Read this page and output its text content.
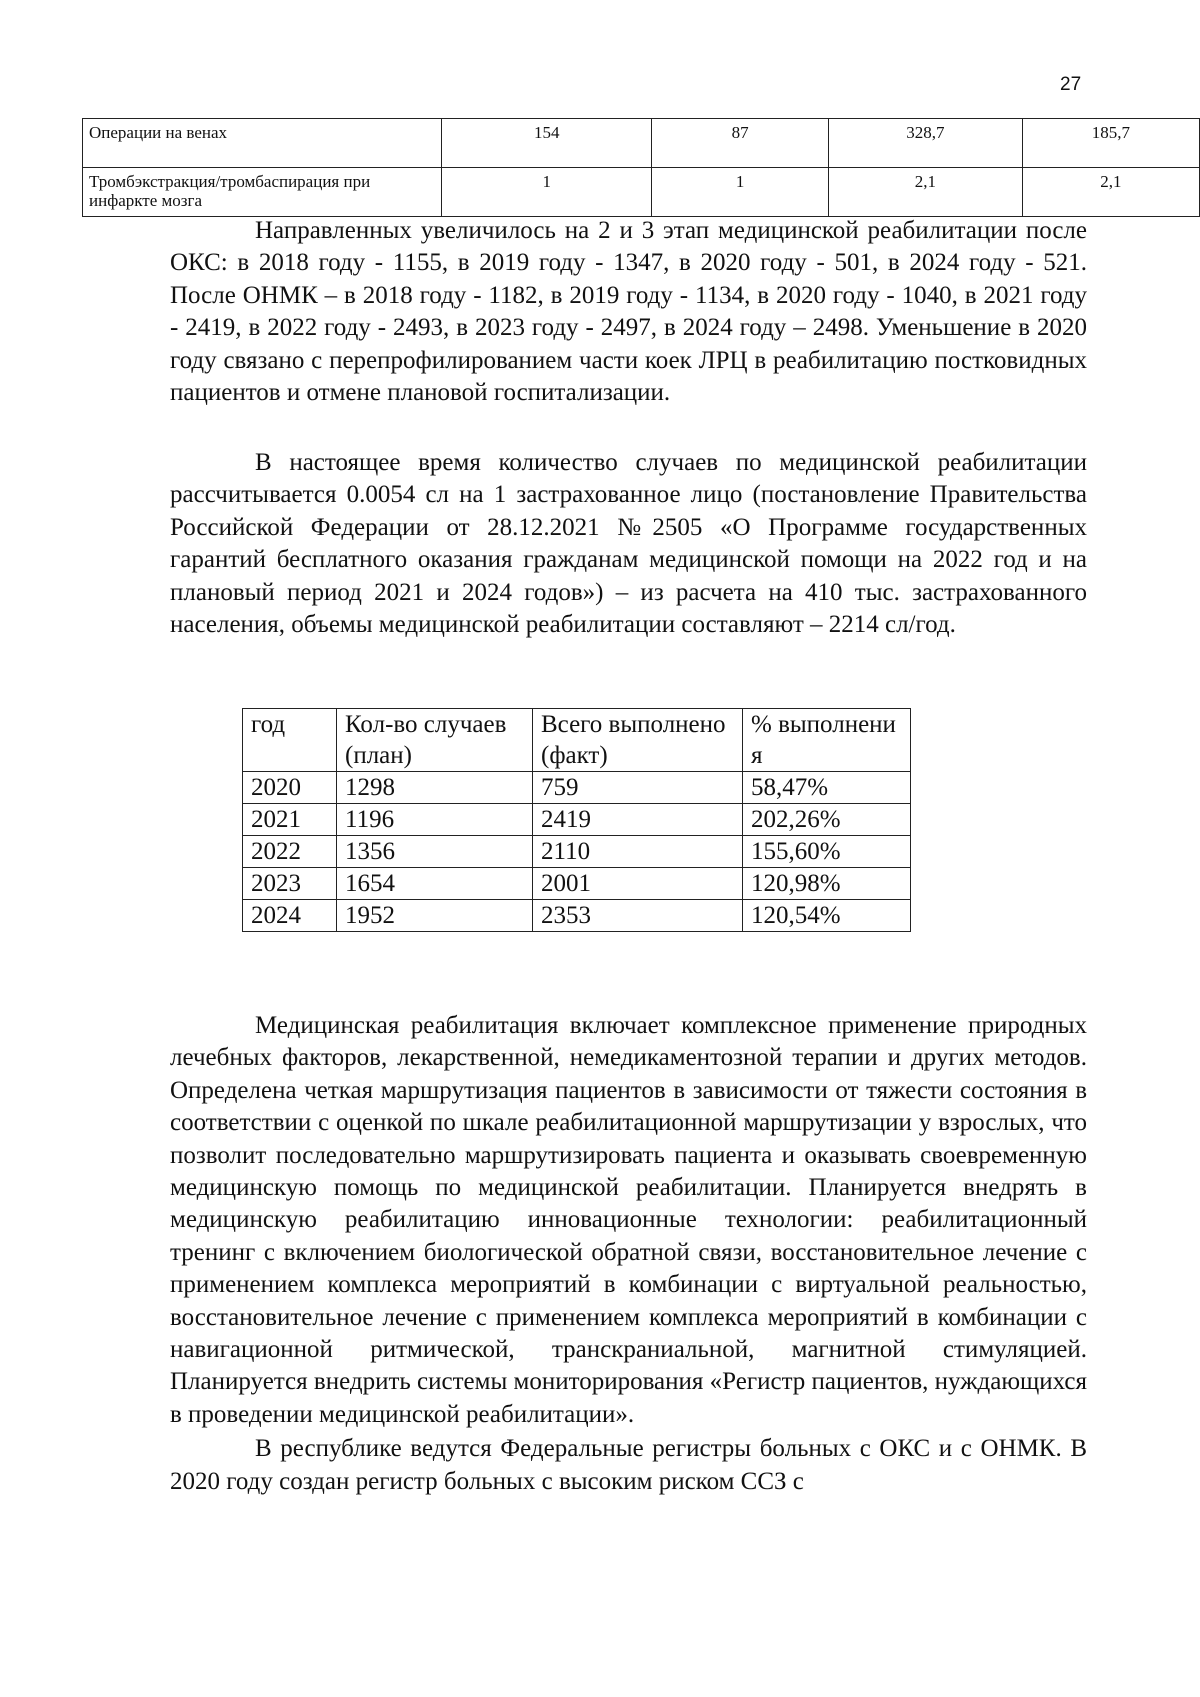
27
Операции на венах	154	87	328,7	185,7
Тромбэкстракция/тромбаспирация при инфаркте мозга	1	1	2,1	2,1

Направленных увеличилось на 2 и 3 этап медицинской реабилитации после ОКС: в 2018 году - 1155, в 2019 году - 1347, в 2020 году - 501, в 2024 году - 521. После ОНМК – в 2018 году - 1182, в 2019 году - 1134, в 2020 году - 1040, в 2021 году - 2419, в 2022 году - 2493, в 2023 году - 2497, в 2024 году – 2498. Уменьшение в 2020 году связано с перепрофилированием части коек ЛРЦ в реабилитацию постковидных пациентов и отмене плановой госпитализации.

В настоящее время количество случаев по медицинской реабилитации рассчитывается 0.0054 сл на 1 застрахованное лицо (постановление Правительства Российской Федерации от 28.12.2021 №2505 «О Программе государственных гарантий бесплатного оказания гражданам медицинской помощи на 2022 год и на плановый период 2021 и 2024 годов») – из расчета на 410 тыс. застрахованного населения, объемы медицинской реабилитации составляют – 2214 сл/год.

год	Кол-во случаев (план)	Всего выполнено (факт)	% выполнени я
2020	1298	759	58,47%
2021	1196	2419	202,26%
2022	1356	2110	155,60%
2023	1654	2001	120,98%
2024	1952	2353	120,54%

Медицинская реабилитация включает комплексное применение природных лечебных факторов, лекарственной, немедикаментозной терапии и других методов. Определена четкая маршрутизация пациентов в зависимости от тяжести состояния в соответствии с оценкой по шкале реабилитационной маршрутизации у взрослых, что позволит последовательно маршрутизировать пациента и оказывать своевременную медицинскую помощь по медицинской реабилитации. Планируется внедрять в медицинскую реабилитацию инновационные технологии: реабилитационный тренинг с включением биологической обратной связи, восстановительное лечение с применением комплекса мероприятий в комбинации с виртуальной реальностью, восстановительное лечение с применением комплекса мероприятий в комбинации с навигационной ритмической, транскраниальной, магнитной стимуляцией. Планируется внедрить системы мониторирования «Регистр пациентов, нуждающихся в проведении медицинской реабилитации».

В республике ведутся Федеральные регистры больных с ОКС и с ОНМК. В 2020 году создан регистр больных с высоким риском ССЗ с
